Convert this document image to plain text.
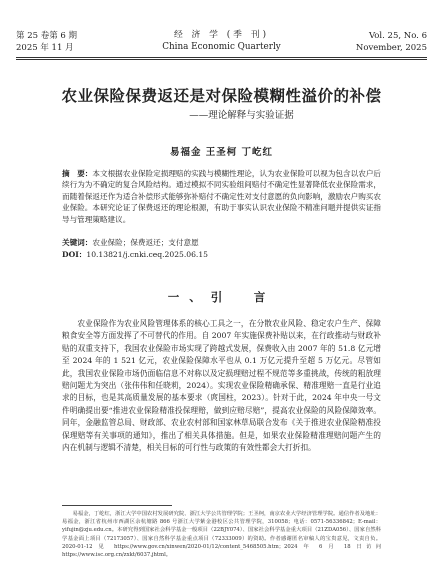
第 25 卷第 6 期
2025 年 11 月
经 济 学 (季 刊)
China Economic Quarterly
Vol. 25, No. 6
November, 2025
农业保险保费返还是对保险模糊性溢价的补偿
——理论解释与实验证据
易福金 王圣柯 丁屹红
摘　要：本文根据农业保险定损理赔的实践与模糊性理论，认为农业保险可以视为包含以农户后续行为为不确定的复合风险结构。通过模拟不同实验组间赔付不确定性显著降低农业保险需求，而随着保返还作为适合补偿形式能够弥补赔付不确定性对支付意愿的负向影响，激励农户购买农业保险。本研究论证了保费返还的理论根源，有助于事实认识农业保险不精准问题并提供实证指导与管理策略建议。
关键词：农业保险；保费返还；支付意愿
DOI：10.13821/j.cnki.ceq.2025.06.15
一、引　言
农业保险作为农业风险管理体系的核心工具之一，在分散农业风险、稳定农户生产、保障粮食安全等方面发挥了不可替代的作用。自 2007 年实施保费补贴以来，在行政推动与财政补贴的双重支持下，我国农业保险市场实现了跨越式发展，保费收入由 2007 年的 51.8 亿元增至 2024 年的 1 521 亿元，农业保险保障水平也从 0.1 万亿元提升至超 5 万亿元。尽管如此，我国农业保险市场仍面临信息不对称以及定损理赔过程不规范等多重挑战，传统的粗放理赔问题尤为突出（张伟伟和任晓莉，2024）。实现农业保险精确承保、精准理赔一直是行业追求的目标，也是其高质量发展的基本要求（庹国柱，2023）。针对于此，2024 年中央一号文件明确提出要“推进农业保险精准投保理赔，做到应赔尽赔”，提高农业保险的风险保障效率。同年，金融监管总局、财政部、农业农村部和国家林草局联合发布《关于推进农业保险精准投保理赔等有关事项的通知》，推出了相关具体措施。但是，如果农业保险精准理赔问题产生的内在机制与逻辑不清楚，相关目标的可行性与政策的有效性都会大打折扣。
易福金，丁屹红，浙江大学中国农村发展研究院、浙江大学公共管理学院；王圣柯，南京农业大学经济管理学院。通信作者及地址：易福金，浙江省杭州市西湖区余杭塘路 866 号浙江大学紫金港校区公共管理学院，310058；电话：0571-56336842；E-mail：yifujin@zju.edu.cn。本研究得到国家社会科学基金一般项目（22BJY074）、国家社会科学基金重大项目（21ZDA056）、国家自然科学基金面上项目（72173057）、国家自然科学基金重点项目（72333009）的资助。作者感谢匿名审稿人的宝贵意见，文责自负。2020-01-12 见 https://www.gov.cn/xinwen/2020-01/12/content_5468505.htm；2024 年 6 月 18 日访问 https://www.isc.org.cn/zxkt/6037.jhtml。
